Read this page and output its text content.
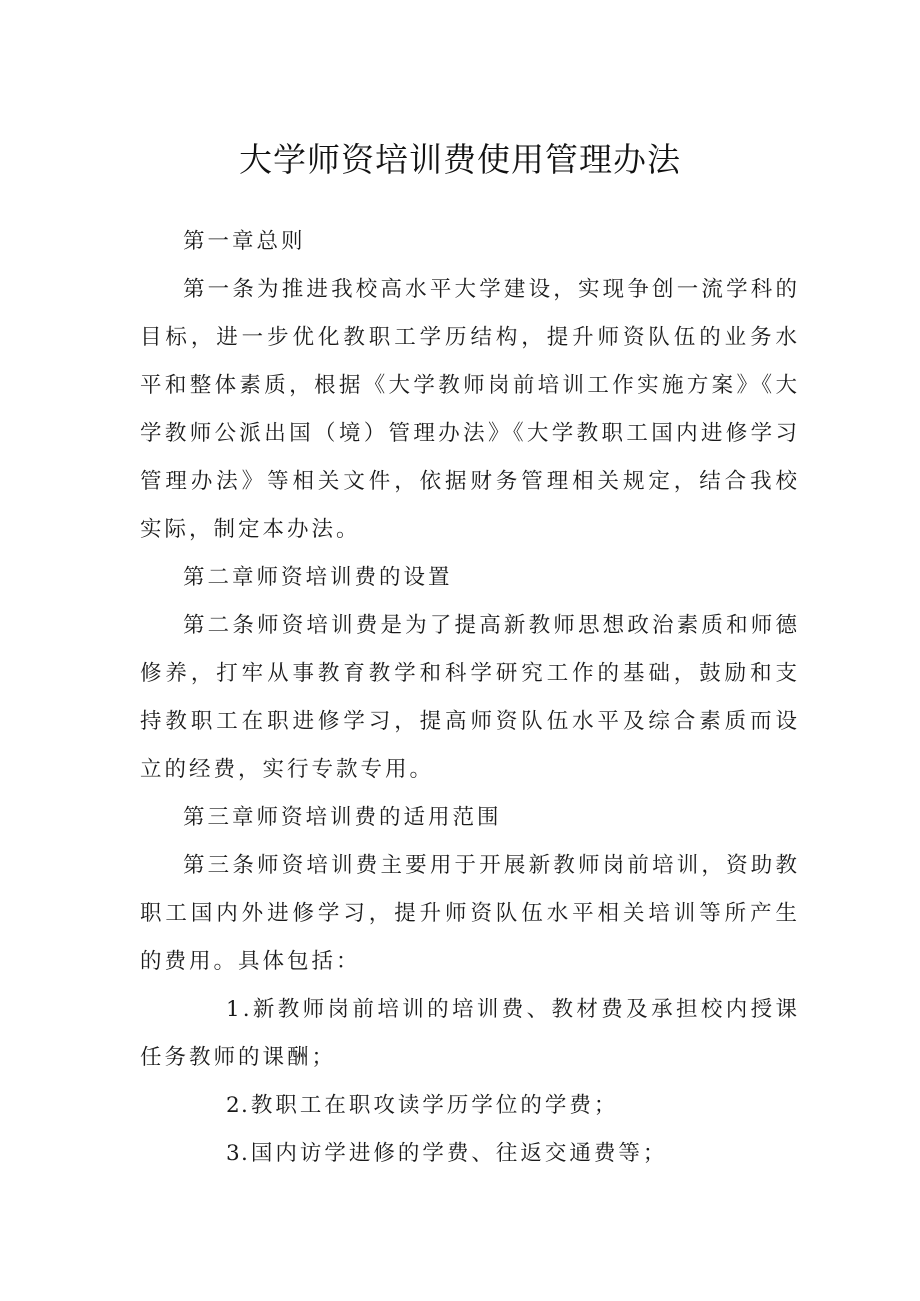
大学师资培训费使用管理办法

第一章总则

第一条为推进我校高水平大学建设，实现争创一流学科的目标，进一步优化教职工学历结构，提升师资队伍的业务水平和整体素质，根据《大学教师岗前培训工作实施方案》《大学教师公派出国（境）管理办法》《大学教职工国内进修学习管理办法》等相关文件，依据财务管理相关规定，结合我校实际，制定本办法。

第二章师资培训费的设置

第二条师资培训费是为了提高新教师思想政治素质和师德修养，打牢从事教育教学和科学研究工作的基础，鼓励和支持教职工在职进修学习，提高师资队伍水平及综合素质而设立的经费，实行专款专用。

第三章师资培训费的适用范围

第三条师资培训费主要用于开展新教师岗前培训，资助教职工国内外进修学习，提升师资队伍水平相关培训等所产生的费用。具体包括：

1.新教师岗前培训的培训费、教材费及承担校内授课任务教师的课酬；

2.教职工在职攻读学历学位的学费；

3.国内访学进修的学费、往返交通费等；
